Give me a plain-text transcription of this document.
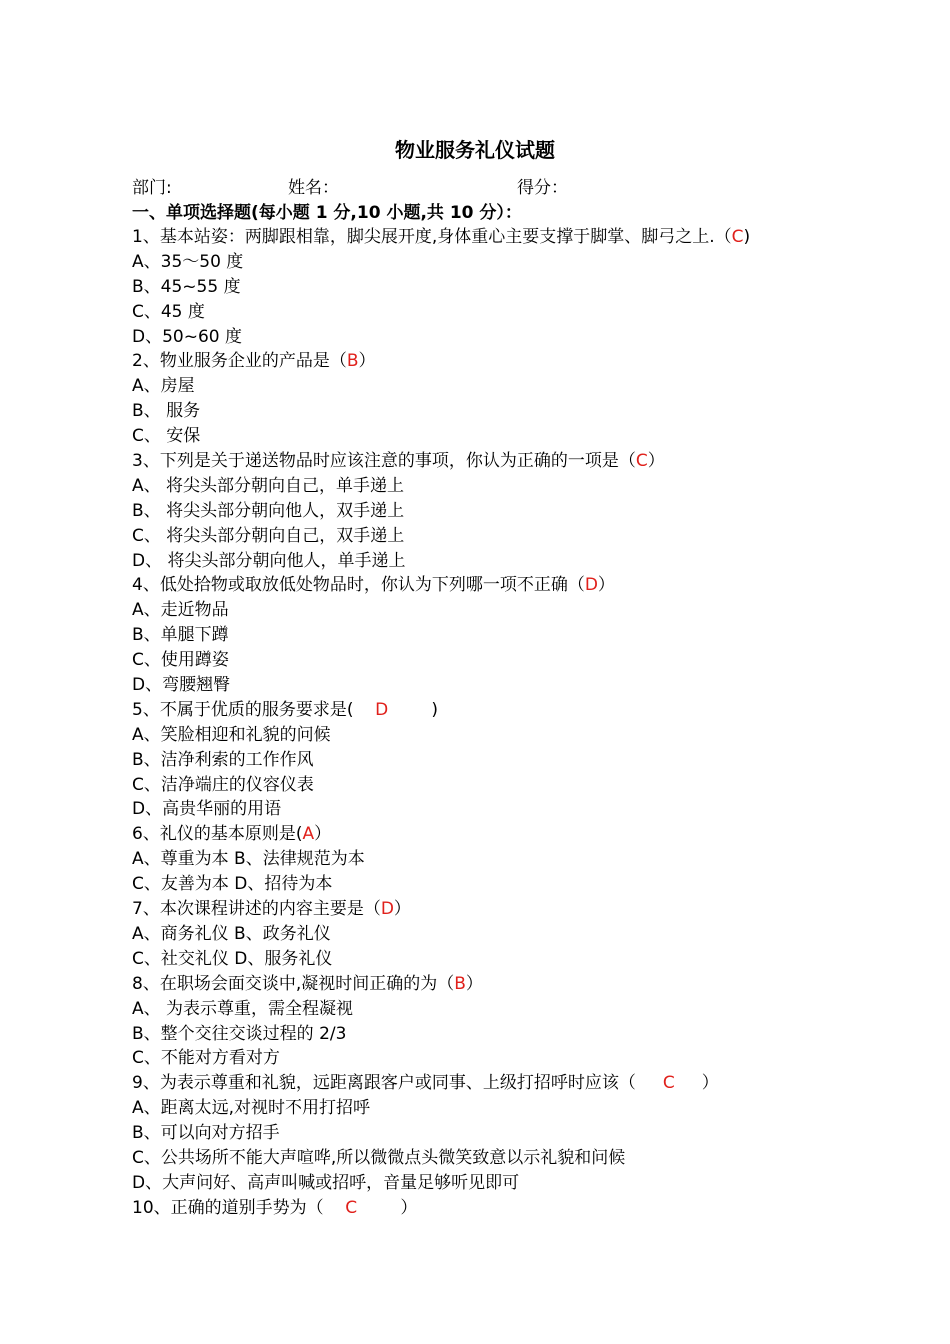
物业服务礼仪试题
部门:	姓名：	得分：
一、单项选择题(每小题 1 分,10 小题,共 10 分）：
1、基本站姿：两脚跟相靠，脚尖展开度,身体重心主要支撑于脚掌、脚弓之上.（C)
A、35～50 度
B、45~55 度
C、45 度
D、50~60 度
2、物业服务企业的产品是（B）
A、房屋
B、 服务
C、 安保
3、下列是关于递送物品时应该注意的事项，你认为正确的一项是（C）
A、 将尖头部分朝向自己，单手递上
B、 将尖头部分朝向他人，双手递上
C、 将尖头部分朝向自己，双手递上
D、 将尖头部分朝向他人，单手递上
4、低处拾物或取放低处物品时，你认为下列哪一项不正确（D）
A、走近物品
B、单腿下蹲
C、使用蹲姿
D、弯腰翘臀
5、不属于优质的服务要求是(    D        )
A、笑脸相迎和礼貌的问候
B、洁净利索的工作作风
C、洁净端庄的仪容仪表
D、高贵华丽的用语
6、礼仪的基本原则是(A）
A、尊重为本 B、法律规范为本
C、友善为本 D、招待为本
7、本次课程讲述的内容主要是（D）
A、商务礼仪 B、政务礼仪
C、社交礼仪 D、服务礼仪
8、在职场会面交谈中,凝视时间正确的为（B）
A、 为表示尊重，需全程凝视
B、整个交往交谈过程的 2/3
C、不能对方看对方
9、为表示尊重和礼貌，远距离跟客户或同事、上级打招呼时应该（     C     ）
A、距离太远,对视时不用打招呼
B、可以向对方招手
C、公共场所不能大声喧哗,所以微微点头微笑致意以示礼貌和问候
D、大声问好、高声叫喊或招呼，音量足够听见即可
10、正确的道别手势为（    C        ）
